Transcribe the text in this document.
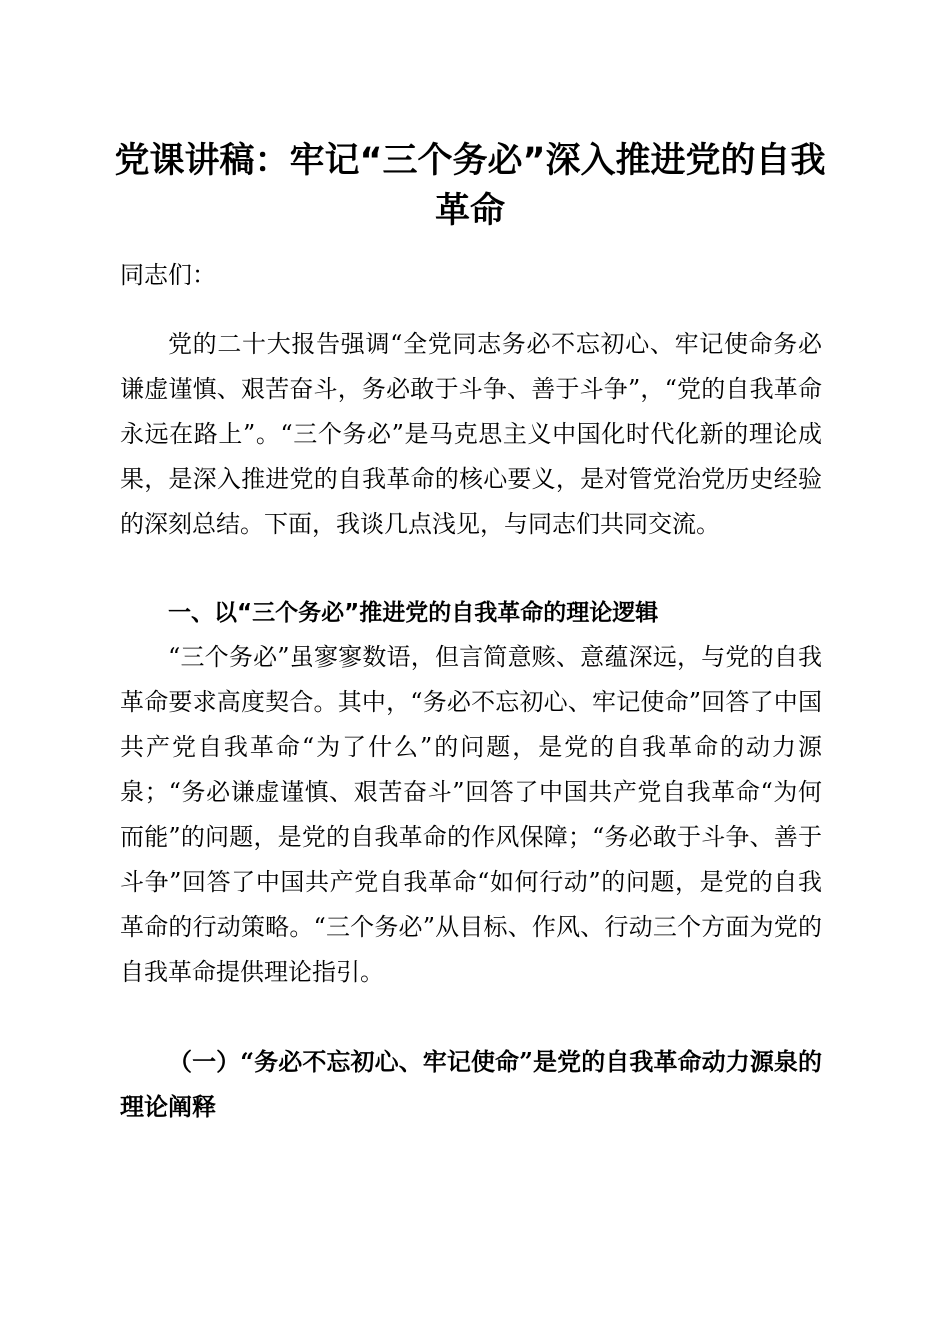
党课讲稿：牢记“三个务必”深入推进党的自我革命

同志们：

党的二十大报告强调“全党同志务必不忘初心、牢记使命务必谦虚谨慎、艰苦奋斗，务必敢于斗争、善于斗争”，“党的自我革命永远在路上”。“三个务必”是马克思主义中国化时代化新的理论成果，是深入推进党的自我革命的核心要义，是对管党治党历史经验的深刻总结。下面，我谈几点浅见，与同志们共同交流。

一、以“三个务必”推进党的自我革命的理论逻辑

“三个务必”虽寥寥数语，但言简意赅、意蕴深远，与党的自我革命要求高度契合。其中，“务必不忘初心、牢记使命”回答了中国共产党自我革命“为了什么”的问题，是党的自我革命的动力源泉；“务必谦虚谨慎、艰苦奋斗”回答了中国共产党自我革命“为何而能”的问题，是党的自我革命的作风保障；“务必敢于斗争、善于斗争”回答了中国共产党自我革命“如何行动”的问题，是党的自我革命的行动策略。“三个务必”从目标、作风、行动三个方面为党的自我革命提供理论指引。

（一）“务必不忘初心、牢记使命”是党的自我革命动力源泉的理论阐释
